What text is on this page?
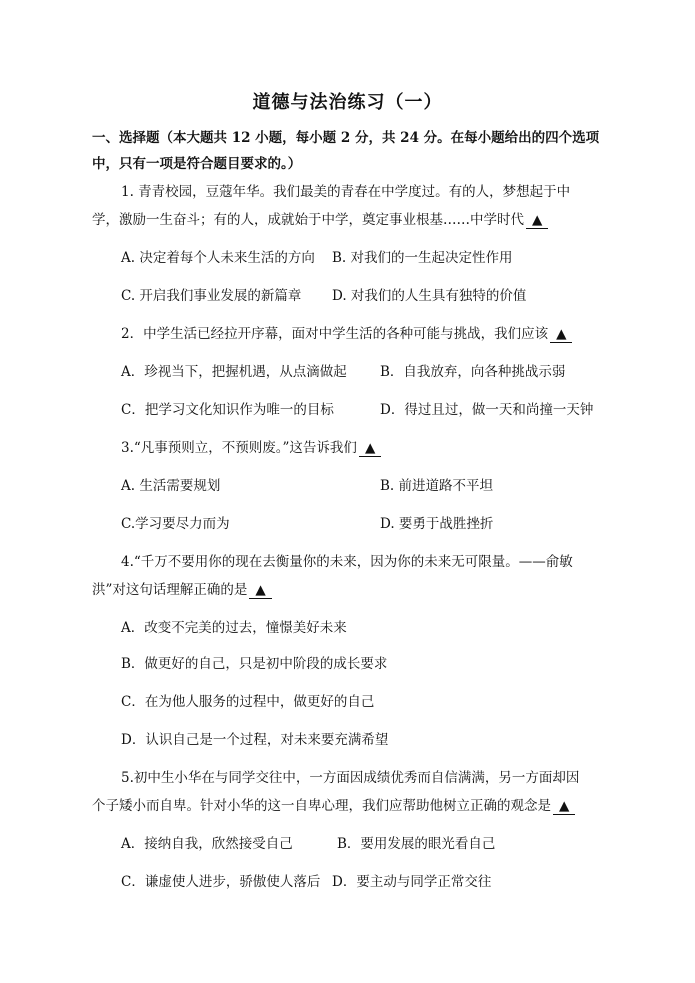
道德与法治练习（一）
一、选择题（本大题共 12 小题，每小题 2 分，共 24 分。在每小题给出的四个选项
中，只有一项是符合题目要求的。）
1. 青青校园，豆蔻年华。我们最美的青春在中学度过。有的人，梦想起于中
学，激励一生奋斗；有的人，成就始于中学，奠定事业根基……中学时代 ▲
A. 决定着每个人未来生活的方向 B. 对我们的一生起决定性作用
C. 开启我们事业发展的新篇章 D. 对我们的人生具有独特的价值
2．中学生活已经拉开序幕，面对中学生活的各种可能与挑战，我们应该 ▲
A．珍视当下，把握机遇，从点滴做起 B．自我放弃，向各种挑战示弱
C．把学习文化知识作为唯一的目标	D．得过且过，做一天和尚撞一天钟
3.“凡事预则立，不预则废。”这告诉我们 ▲
A. 生活需要规划	B. 前进道路不平坦
C.学习要尽力而为	D. 要勇于战胜挫折
4.“千万不要用你的现在去衡量你的未来，因为你的未来无可限量。——俞敏
洪”对这句话理解正确的是 ▲
A．改变不完美的过去，憧憬美好未来
B．做更好的自己，只是初中阶段的成长要求
C．在为他人服务的过程中，做更好的自己
D．认识自己是一个过程，对未来要充满希望
5.初中生小华在与同学交往中，一方面因成绩优秀而自信满满，另一方面却因
个子矮小而自卑。针对小华的这一自卑心理，我们应帮助他树立正确的观念是 ▲
A．接纳自我，欣然接受自己	B．要用发展的眼光看自己
C．谦虚使人进步，骄傲使人落后 D．要主动与同学正常交往
